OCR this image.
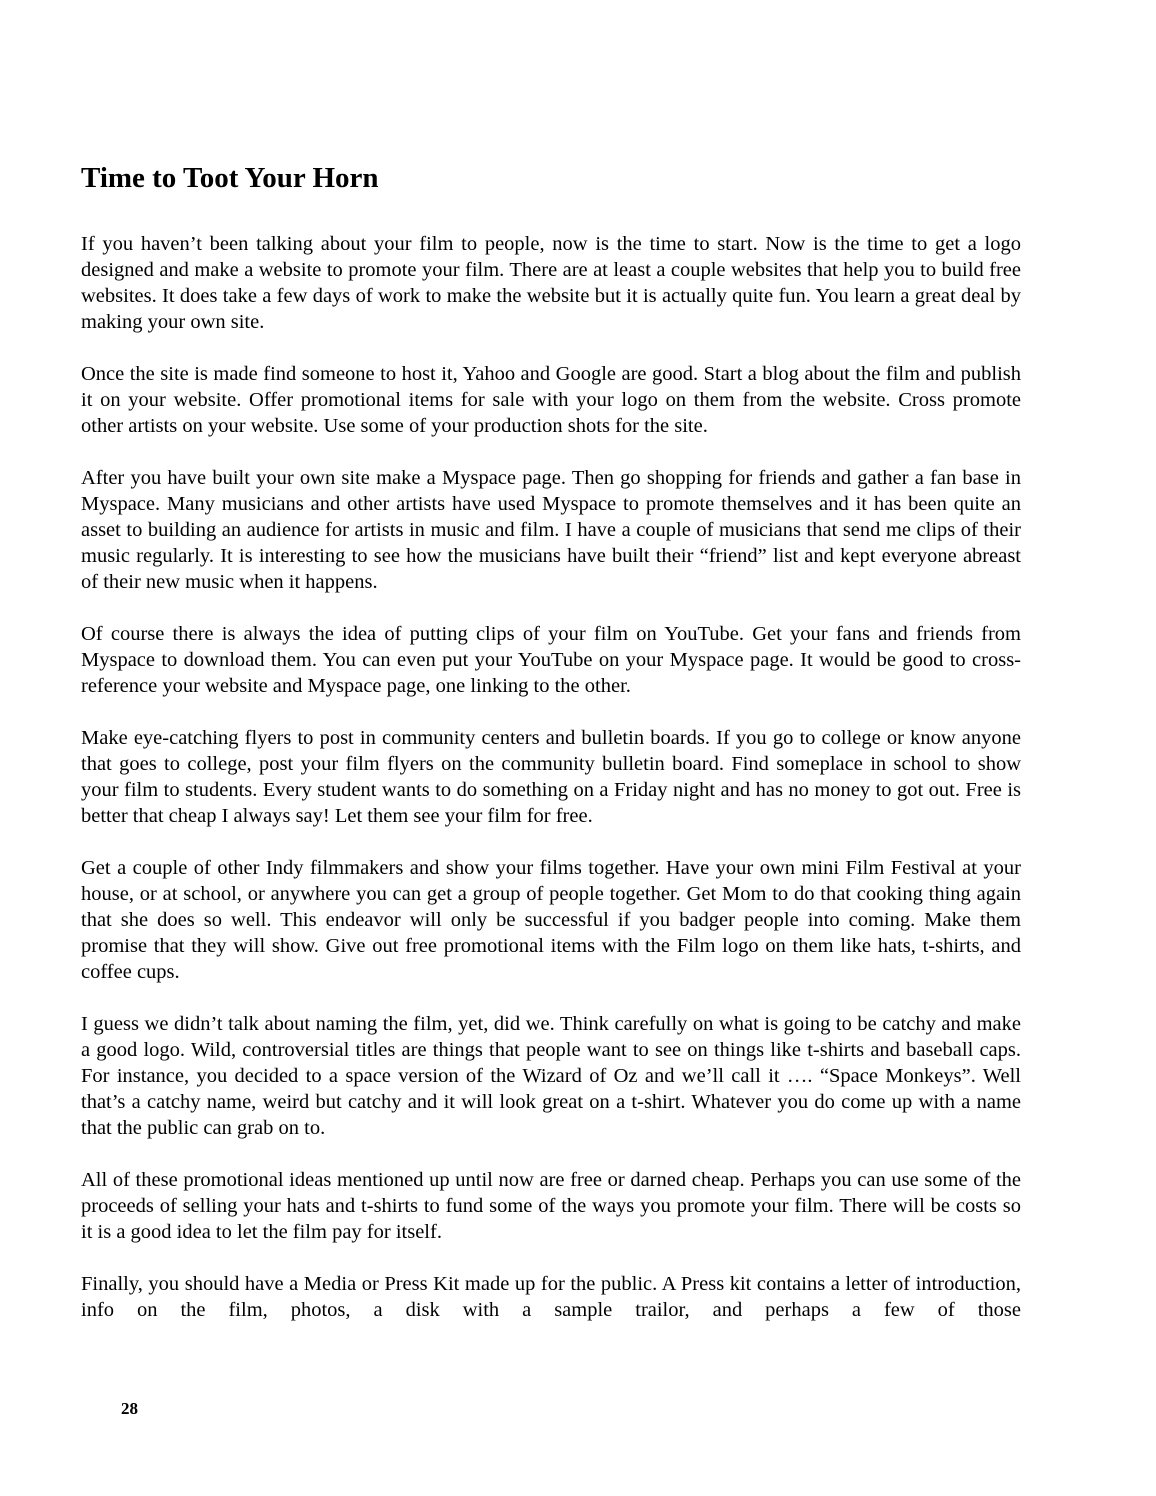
Time to Toot Your Horn

If you haven’t been talking about your film to people, now is the time to start. Now is the time to get a logo designed and make a website to promote your film. There are at least a couple websites that help you to build free websites. It does take a few days of work to make the website but it is actually quite fun. You learn a great deal by making your own site.

Once the site is made find someone to host it, Yahoo and Google are good. Start a blog about the film and publish it on your website. Offer promotional items for sale with your logo on them from the website. Cross promote other artists on your website. Use some of your production shots for the site.

After you have built your own site make a Myspace page. Then go shopping for friends and gather a fan base in Myspace. Many musicians and other artists have used Myspace to promote themselves and it has been quite an asset to building an audience for artists in music and film. I have a couple of musicians that send me clips of their music regularly. It is interesting to see how the musicians have built their “friend” list and kept everyone abreast of their new music when it happens.

Of course there is always the idea of putting clips of your film on YouTube. Get your fans and friends from Myspace to download them. You can even put your YouTube on your Myspace page. It would be good to cross-reference your website and Myspace page, one linking to the other.

Make eye-catching flyers to post in community centers and bulletin boards. If you go to college or know anyone that goes to college, post your film flyers on the community bulletin board. Find someplace in school to show your film to students. Every student wants to do something on a Friday night and has no money to got out. Free is better that cheap I always say! Let them see your film for free.

Get a couple of other Indy filmmakers and show your films together. Have your own mini Film Festival at your house, or at school, or anywhere you can get a group of people together. Get Mom to do that cooking thing again that she does so well. This endeavor will only be successful if you badger people into coming. Make them promise that they will show. Give out free promotional items with the Film logo on them like hats, t-shirts, and coffee cups.

I guess we didn’t talk about naming the film, yet, did we. Think carefully on what is going to be catchy and make a good logo. Wild, controversial titles are things that people want to see on things like t-shirts and baseball caps. For instance, you decided to a space version of the Wizard of Oz and we’ll call it …. “Space Monkeys”. Well that’s a catchy name, weird but catchy and it will look great on a t-shirt. Whatever you do come up with a name that the public can grab on to.

All of these promotional ideas mentioned up until now are free or darned cheap. Perhaps you can use some of the proceeds of selling your hats and t-shirts to fund some of the ways you promote your film. There will be costs so it is a good idea to let the film pay for itself.

Finally, you should have a Media or Press Kit made up for the public. A Press kit contains a letter of introduction, info on the film, photos, a disk with a sample trailor, and perhaps a few of those

28
